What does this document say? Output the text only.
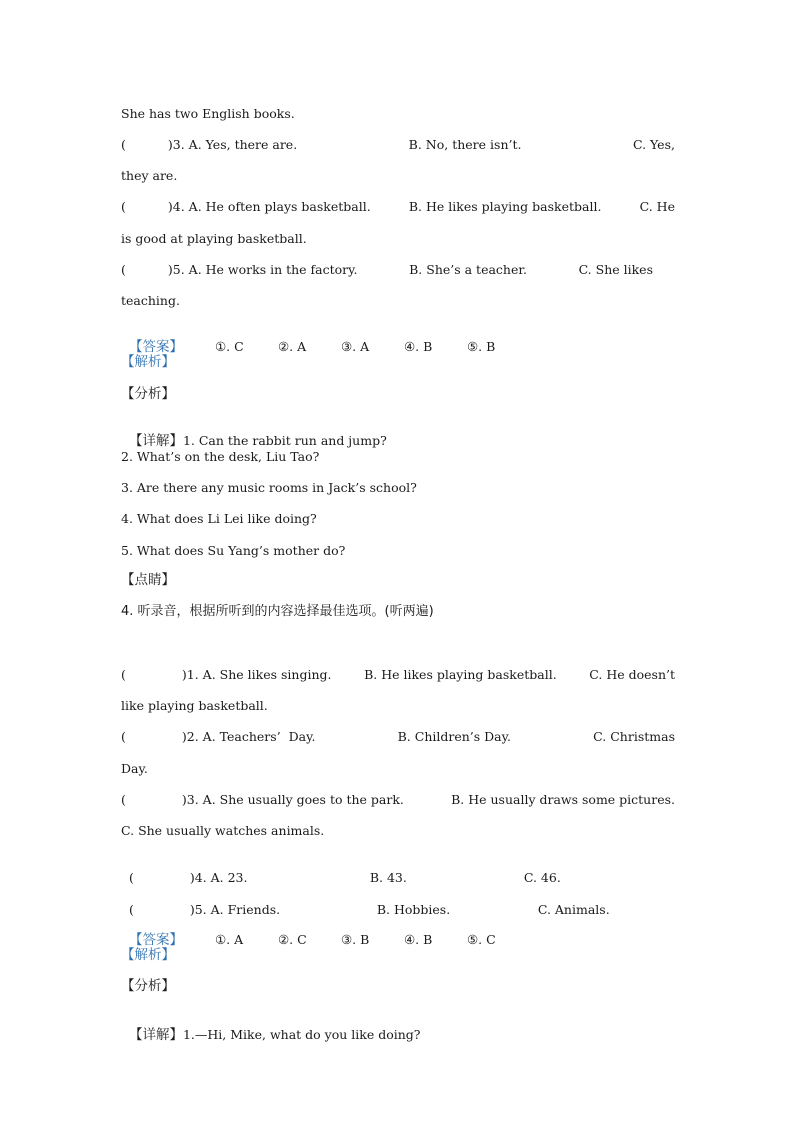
She has two English books.
(	)3. A. Yes, there are.	B. No, there isn’t.	C. Yes,
they are.
(	)4. A. He often plays basketball.	B. He likes playing basketball.	C. He
is good at playing basketball.
(	)5. A. He works in the factory.	B. She’s a teacher.	C. She likes
teaching.

【答案】	①. C	②. A	③. A	④. B	⑤. B

【解析】
【分析】

【详解】1. Can the rabbit run and jump?

2. What’s on the desk, Liu Tao?
3. Are there any music rooms in Jack’s school?
4. What does Li Lei like doing?
5. What does Su Yang’s mother do?
【点睛】
4. 听录音，根据所听到的内容选择最佳选项。(听两遍)
(	)1. A. She likes singing.	B. He likes playing basketball.	C. He doesn’t
like playing basketball.
(	)2. A. Teachers’  Day.	B. Children’s Day.	C. Christmas
Day.
(	)3. A. She usually goes to the park.	B. He usually draws some pictures.
C. She usually watches animals.

(	)4. A. 23.	B. 43.	C. 46.

(	)5. A. Friends.	B. Hobbies.	C. Animals.

【答案】	①. A	②. C	③. B	④. B	⑤. C

【解析】
【分析】

【详解】1.—Hi, Mike, what do you like doing?
